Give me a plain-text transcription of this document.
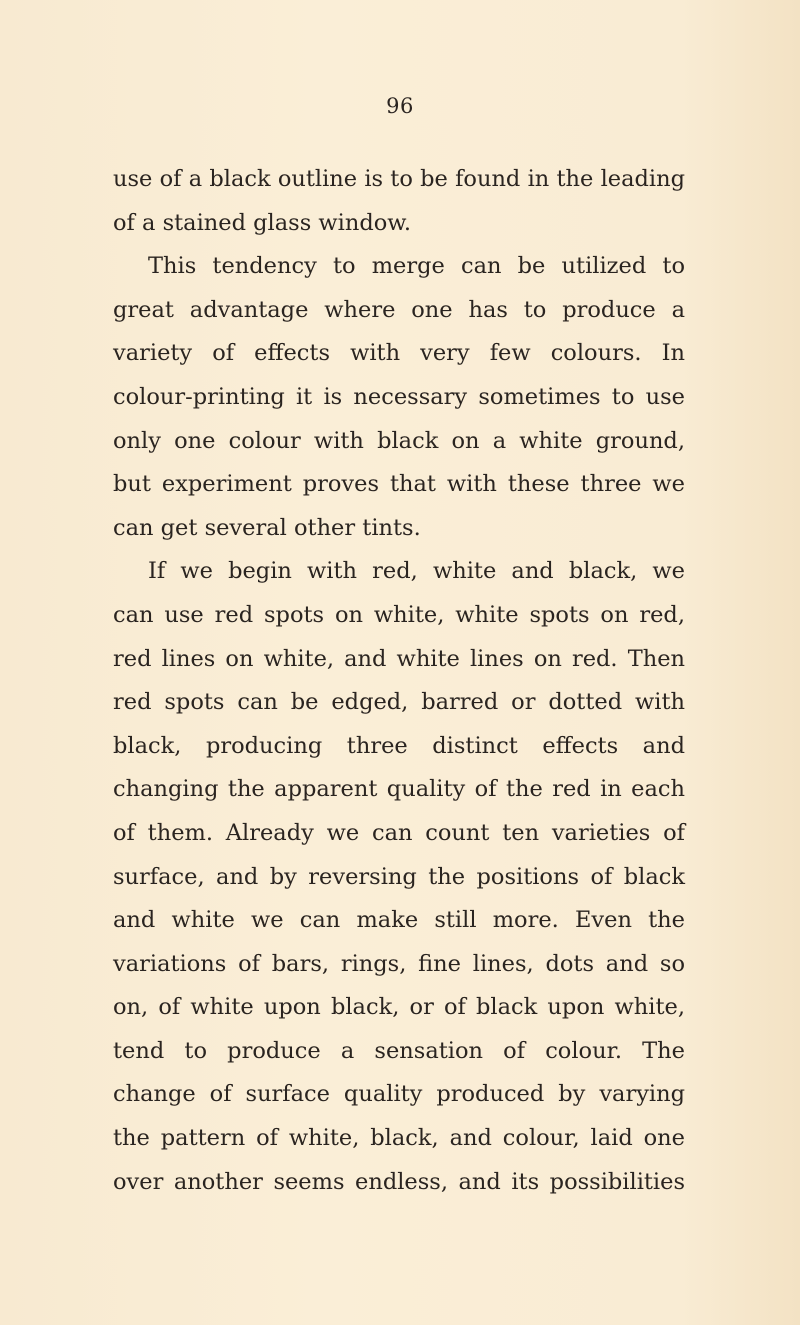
96
use of a black outline is to be found in the leading
of a stained glass window.
This tendency to merge can be utilized to
great advantage where one has to produce a
variety of effects with very few colours. In
colour-printing it is necessary sometimes to use
only one colour with black on a white ground,
but experiment proves that with these three we
can get several other tints.
If we begin with red, white and black, we
can use red spots on white, white spots on red,
red lines on white, and white lines on red. Then
red spots can be edged, barred or dotted with
black, producing three distinct effects and
changing the apparent quality of the red in each
of them. Already we can count ten varieties of
surface, and by reversing the positions of black
and white we can make still more. Even the
variations of bars, rings, fine lines, dots and so
on, of white upon black, or of black upon white,
tend to produce a sensation of colour. The
change of surface quality produced by varying
the pattern of white, black, and colour, laid one
over another seems endless, and its possibilities
